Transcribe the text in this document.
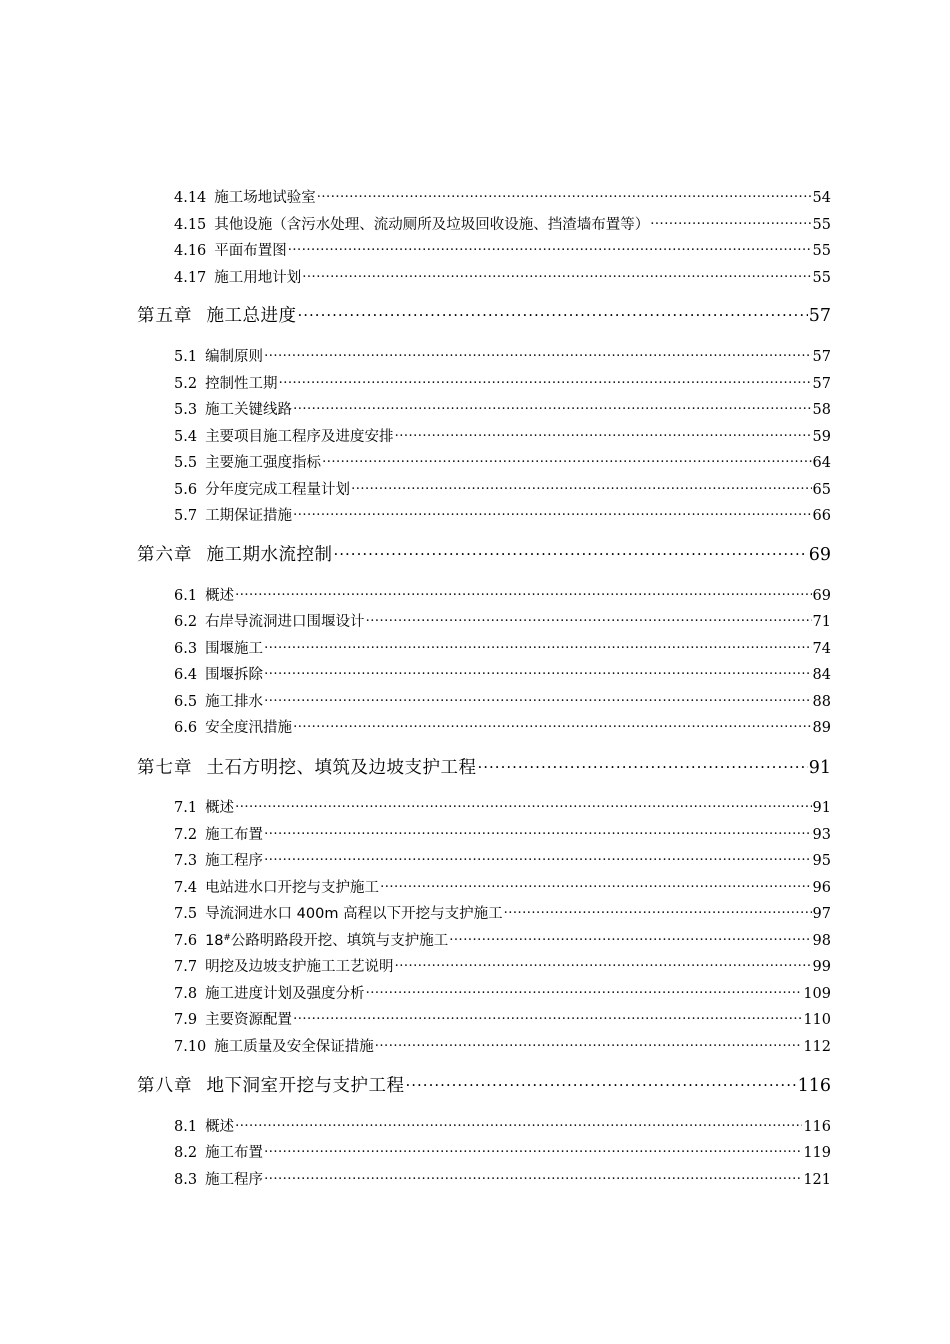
4.14 施工场地试验室 .....	54
4.15 其他设施（含污水处理、流动厕所及垃圾回收设施、挡渣墙布置等） .....	55
4.16 平面布置图 .....	55
4.17 施工用地计划 .....	55
第五章 施工总进度 .....	57
5.1 编制原则 .....	57
5.2 控制性工期 .....	57
5.3 施工关键线路 .....	58
5.4 主要项目施工程序及进度安排 .....	59
5.5 主要施工强度指标 .....	64
5.6 分年度完成工程量计划 .....	65
5.7 工期保证措施 .....	66
第六章 施工期水流控制 .....	69
6.1 概述 .....	69
6.2 右岸导流洞进口围堰设计 .....	71
6.3 围堰施工 .....	74
6.4 围堰拆除 .....	84
6.5 施工排水 .....	88
6.6 安全度汛措施 .....	89
第七章 土石方明挖、填筑及边坡支护工程 .....	91
7.1 概述 .....	91
7.2 施工布置 .....	93
7.3 施工程序 .....	95
7.4 电站进水口开挖与支护施工 .....	96
7.5 导流洞进水口 400m 高程以下开挖与支护施工 .....	97
7.6 18#公路明路段开挖、填筑与支护施工 .....	98
7.7 明挖及边坡支护施工工艺说明 .....	99
7.8 施工进度计划及强度分析 .....	109
7.9 主要资源配置 .....	110
7.10 施工质量及安全保证措施 .....	112
第八章 地下洞室开挖与支护工程 .....	116
8.1 概述 .....	116
8.2 施工布置 .....	119
8.3 施工程序 .....	121
